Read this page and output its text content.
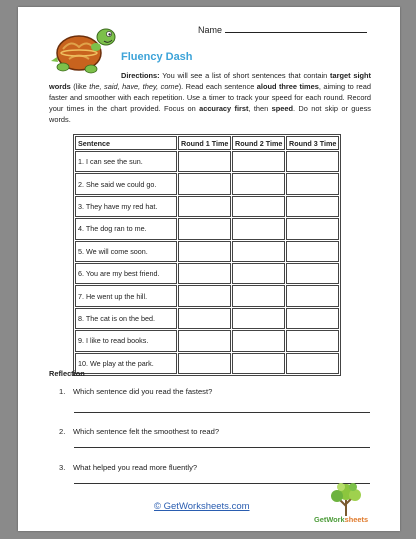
Name
Fluency Dash
Directions: You will see a list of short sentences that contain target sight words (like the, said, have, they, come). Read each sentence aloud three times, aiming to read faster and smoother with each repetition. Use a timer to track your speed for each round. Record your times in the chart provided. Focus on accuracy first, then speed. Do not skip or guess words.
Sentence	Round 1 Time	Round 2 Time	Round 3 Time
1. I can see the sun.			
2. She said we could go.			
3. They have my red hat.			
4. The dog ran to me.			
5. We will come soon.			
6. You are my best friend.			
7. He went up the hill.			
8. The cat is on the bed.			
9. I like to read books.			
10. We play at the park.			
Reflection
1. Which sentence did you read the fastest?
2. Which sentence felt the smoothest to read?
3. What helped you read more fluently?
© GetWorksheets.com
GetWorksheets
